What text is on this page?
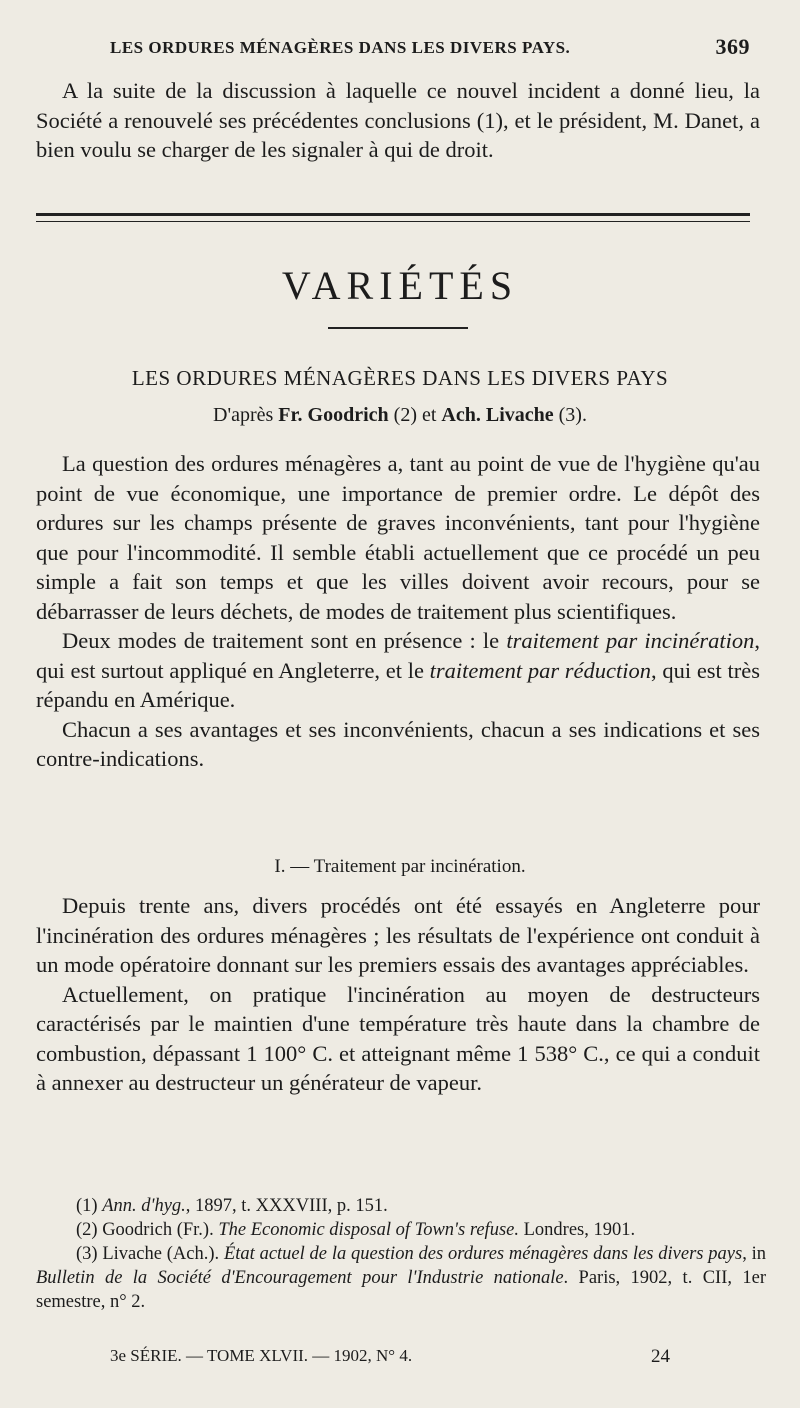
LES ORDURES MÉNAGÈRES DANS LES DIVERS PAYS.	369

A la suite de la discussion à laquelle ce nouvel incident a donné lieu, la Société a renouvelé ses précédentes conclusions (1), et le président, M. Danet, a bien voulu se charger de les signaler à qui de droit.

VARIÉTÉS
LES ORDURES MÉNAGÈRES DANS LES DIVERS PAYS
D'après Fr. Goodrich (2) et Ach. Livache (3).

La question des ordures ménagères a, tant au point de vue de l'hygiène qu'au point de vue économique, une importance de premier ordre. Le dépôt des ordures sur les champs présente de graves inconvénients, tant pour l'hygiène que pour l'incommodité. Il semble établi actuellement que ce procédé un peu simple a fait son temps et que les villes doivent avoir recours, pour se débarrasser de leurs déchets, de modes de traitement plus scientifiques.

Deux modes de traitement sont en présence : le traitement par incinération, qui est surtout appliqué en Angleterre, et le traitement par réduction, qui est très répandu en Amérique.

Chacun a ses avantages et ses inconvénients, chacun a ses indications et ses contre-indications.

I. — Traitement par incinération.

Depuis trente ans, divers procédés ont été essayés en Angleterre pour l'incinération des ordures ménagères ; les résultats de l'expérience ont conduit à un mode opératoire donnant sur les premiers essais des avantages appréciables.

Actuellement, on pratique l'incinération au moyen de destructeurs caractérisés par le maintien d'une température très haute dans la chambre de combustion, dépassant 1 100° C. et atteignant même 1 538° C., ce qui a conduit à annexer au destructeur un générateur de vapeur.

(1) Ann. d'hyg., 1897, t. XXXVIII, p. 151.

(2) Goodrich (Fr.). The Economic disposal of Town's refuse. Londres, 1901.

(3) Livache (Ach.). État actuel de la question des ordures ménagères dans les divers pays, in Bulletin de la Société d'Encouragement pour l'Industrie nationale. Paris, 1902, t. CII, 1er semestre, n° 2.

3e SÉRIE. — TOME XLVII. — 1902, N° 4.	24
